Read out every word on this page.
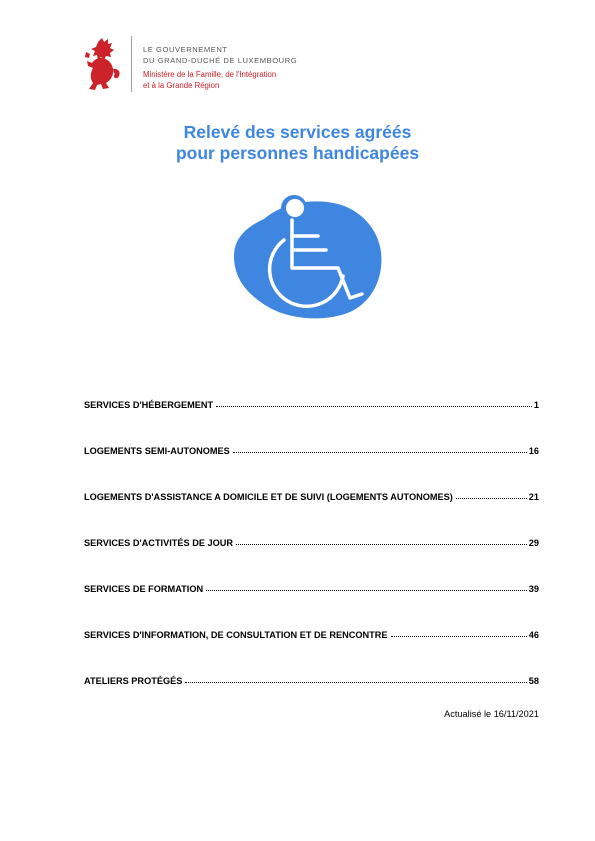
LE GOUVERNEMENT
DU GRAND-DUCHÉ DE LUXEMBOURG
Ministère de la Famille, de l'Intégration
et à la Grande Région
Relevé des services agréés
pour personnes handicapées
SERVICES D'HÉBERGEMENT	1
LOGEMENTS SEMI-AUTONOMES	16
LOGEMENTS D'ASSISTANCE A DOMICILE ET DE SUIVI (LOGEMENTS AUTONOMES)	21
SERVICES D'ACTIVITÉS DE JOUR	29
SERVICES DE FORMATION	39
SERVICES D'INFORMATION, DE CONSULTATION ET DE RENCONTRE	46
ATELIERS PROTÉGÉS	58
Actualisé le 16/11/2021
